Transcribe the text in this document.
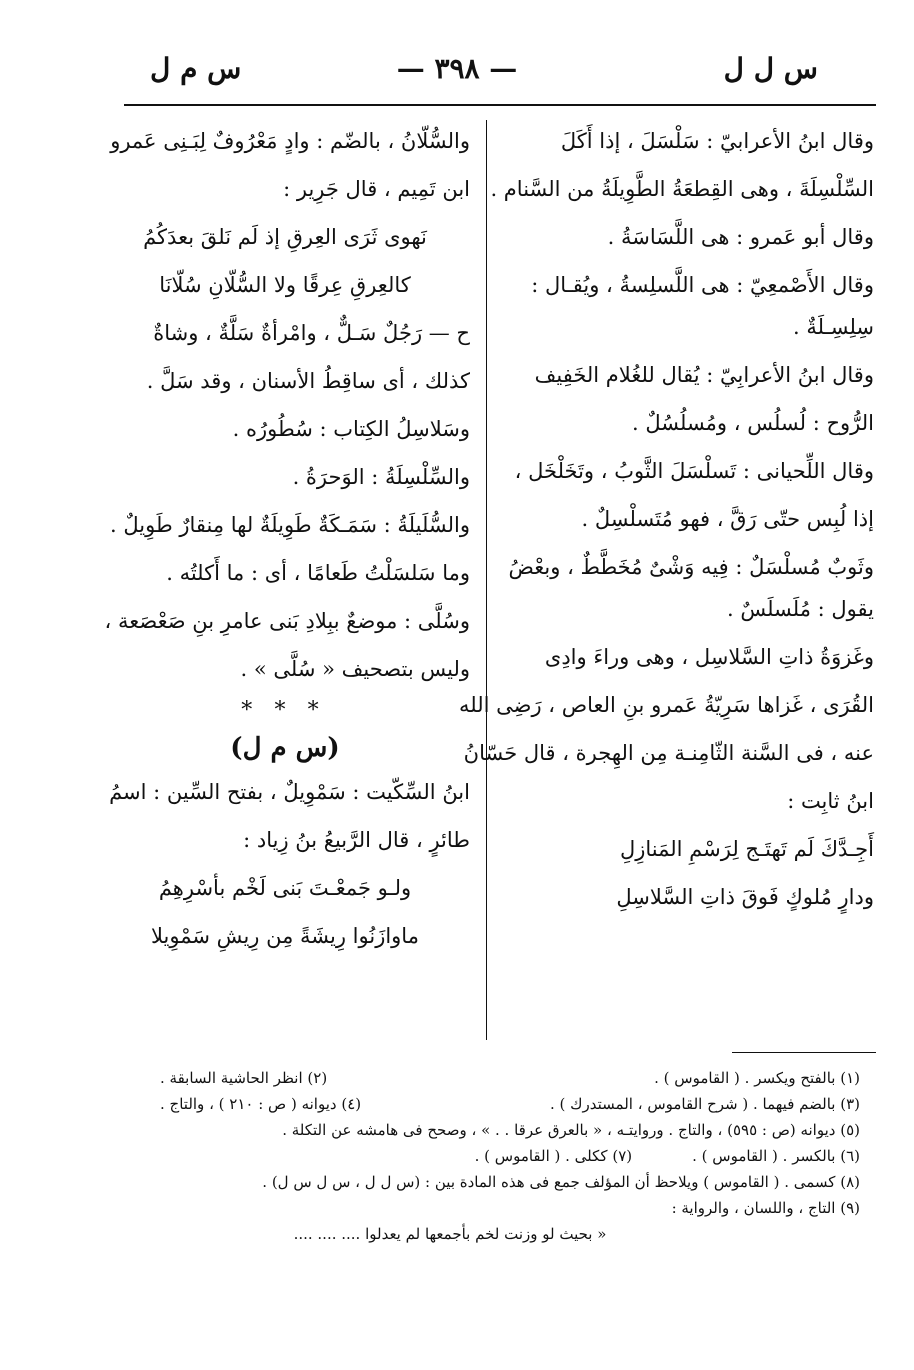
س ل ل
— ٣٩٨ —
س م ل
وقال ابنُ الأعرابيّ : سَلْسَلَ ، إذا أَكَلَ
السِّلْسِلَةَ ، وهى القِطعَةُ الطَّوِيلَةُ من السَّنام .
وقال أبو عَمرو : هى اللَّسَاسَةُ .
وقال الأَصْمعِيّ : هى اللَّسلِسةُ ، ويُقـال :
سِلِسِـلَةٌ .
وقال ابنُ الأعرابِيّ : يُقال للغُلام الخَفِيف
الرُّوح : لُسلُس ، ومُسلُسُلٌ .
وقال اللِّحيانى : تَسلْسَلَ الثَّوبُ ، وتَخَلْخَل ،
إذا لُبِس حتّى رَقَّ ، فهو مُتَسلْسِلٌ .
وثَوبٌ مُسلْسَلٌ : فِيه وَشْىٌ مُخَطَّطٌ ، وبعْضُ
يقول : مُلَسلَسٌ .
وغَزوَةُ ذاتِ السَّلاسِل ، وهى وراءَ وادِى
القُرَى ، غَزاها سَرِيّةُ عَمرو بنِ العاص ، رَضِى الله
عنه ، فى السَّنة الثّامِنـة مِن الهِجرة ، قال حَسّانُ
ابنُ ثابِت :
أَجِـدَّكَ لَم تَهتَـج لِرَسْمِ المَنازِلِ
ودارٍ مُلوكٍ فَوقَ ذاتِ السَّلاسِلِ
والسُّلّانُ ، بالضّم : وادٍ مَعْرُوفٌ لِبَـنِى عَمرو
ابن تَمِيم ، قال جَرِير :
نَهوى ثَرَى العِرقِ إذ لَم نَلقَ بعدَكُمُ
كالعِرقِ عِرقًا ولا السُّلّانِ سُلّانَا
ح — رَجُلٌ سَـلٌّ ، وامْرأةٌ سَلَّةٌ ، وشاةٌ
كذلك ، أى ساقِطُ الأسنان ، وقد سَلَّ .
وسَلاسِلُ الكِتاب : سُطُورُه .
والسِّلْسِلَةُ : الوَحرَةُ .
والسُّلَيلَةُ : سَمَـكَةٌ طَوِيلَةٌ لها مِنقارٌ طَوِيلٌ .
وما سَلسَلْتُ طَعامًا ، أى : ما أَكلتُه .
وسُلَّى : موضعٌ ببِلادِ بَنى عامرِ بنِ صَعْصَعة ،
وليس بتصحيف « سُلَّى » .
* * *
(س م ل)
ابنُ السِّكّيت : سَمْوِيلٌ ، بفتح السِّين : اسمُ
طائرٍ ، قال الرَّبيعُ بنُ زِياد :
ولـو جَمعْـتَ بَنى لَخْم بأسْرِهِمُ
ماوازَنُوا رِيشَةً مِن رِيشِ سَمْوِيلا
(١) بالفتح ويكسر . ( القاموس ) .
(٢) انظر الحاشية السابقة .
(٣) بالضم فيهما . ( شرح القاموس ، المستدرك ) .
(٤) ديوانه ( ص : ٢١٠ ) ، والتاج .
(٥) ديوانه (ص : ٥٩٥) ، والتاج . وروايتـه ، « بالعرق عرقا . . » ، وصحح فى هامشه عن التكلة .
(٦) بالكسر . ( القاموس ) .
(٧) ككلى . ( القاموس ) .
(٨) كسمى . ( القاموس ) ويلاحظ أن المؤلف جمع فى هذه المادة بين : (س ل ل ، س ل س ل) .
(٩) التاج ، واللسان ، والرواية :
« بحيث لو وزنت لخم بأجمعها لم يعدلوا .... .... ....
